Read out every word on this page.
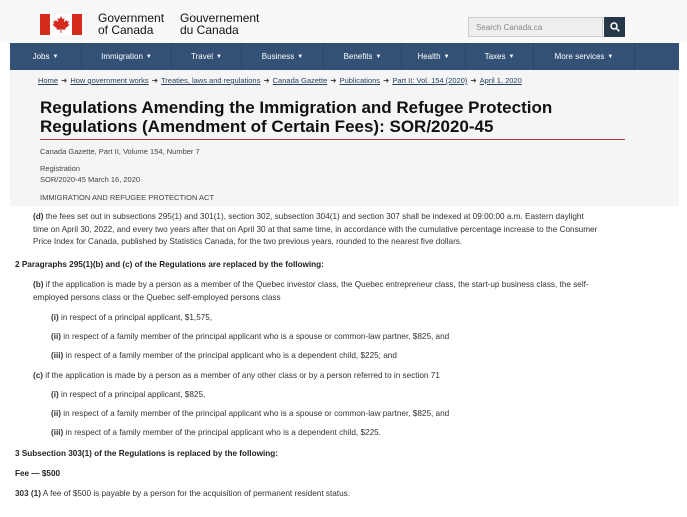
Government
of Canada
Gouvernement
du Canada	Search Canada.ca
Jobs ▼	Immigration ▼	Travel ▼	Business ▼	Benefits ▼	Health ▼	Taxes ▼	More services ▼
Home ➜ How government works ➜ Treaties, laws and regulations ➜ Canada Gazette ➜ Publications ➜ Part II: Vol. 154 (2020) ➜ April 1, 2020
Regulations Amending the Immigration and Refugee Protection
Regulations (Amendment of Certain Fees): SOR/2020-45
Canada Gazette, Part II, Volume 154, Number 7
Registration
SOR/2020-45 March 16, 2020
IMMIGRATION AND REFUGEE PROTECTION ACT
(d) the fees set out in subsections 295(1) and 301(1), section 302, subsection 304(1) and section 307 shall be indexed at 09:00:00 a.m. Eastern daylight
time on April 30, 2022, and every two years after that on April 30 at that same time, in accordance with the cumulative percentage increase to the Consumer
Price Index for Canada, published by Statistics Canada, for the two previous years, rounded to the nearest five dollars.
2 Paragraphs 295(1)(b) and (c) of the Regulations are replaced by the following:
(b) if the application is made by a person as a member of the Quebec investor class, the Quebec entrepreneur class, the start-up business class, the self-
employed persons class or the Quebec self-employed persons class
(i) in respect of a principal applicant, $1,575,
(ii) in respect of a family member of the principal applicant who is a spouse or common-law partner, $825, and
(iii) in respect of a family member of the principal applicant who is a dependent child, $225; and
(c) if the application is made by a person as a member of any other class or by a person referred to in section 71
(i) in respect of a principal applicant, $825,
(ii) in respect of a family member of the principal applicant who is a spouse or common-law partner, $825, and
(iii) in respect of a family member of the principal applicant who is a dependent child, $225.
3 Subsection 303(1) of the Regulations is replaced by the following:
Fee — $500
303 (1) A fee of $500 is payable by a person for the acquisition of permanent resident status.
